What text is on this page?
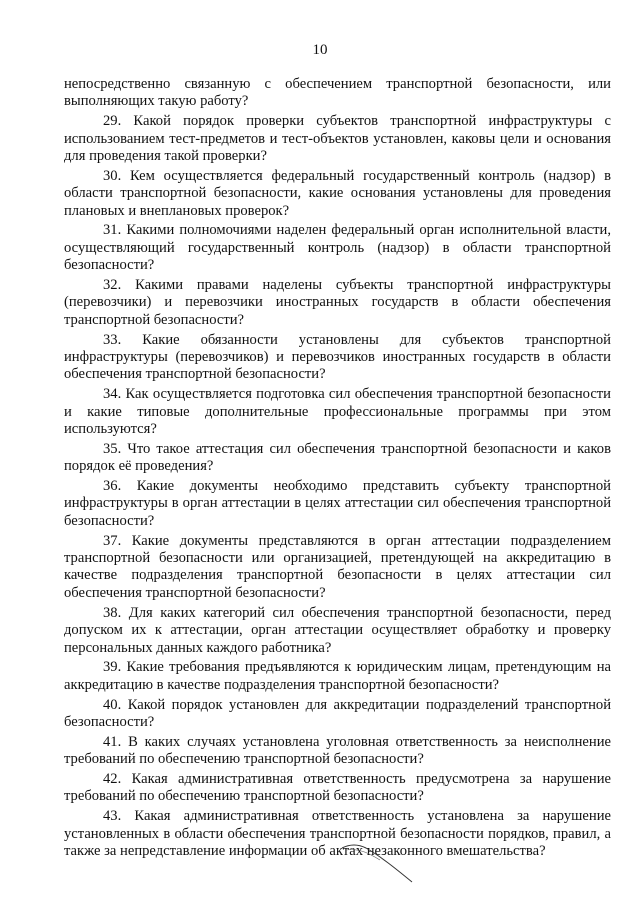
10

непосредственно связанную с обеспечением транспортной безопасности, или выполняющих такую работу?

29. Какой порядок проверки субъектов транспортной инфраструктуры с использованием тест-предметов и тест-объектов установлен, каковы цели и основания для проведения такой проверки?

30. Кем осуществляется федеральный государственный контроль (надзор) в области транспортной безопасности, какие основания установлены для проведения плановых и внеплановых проверок?

31. Какими полномочиями наделен федеральный орган исполнительной власти, осуществляющий государственный контроль (надзор) в области транспортной безопасности?

32. Какими правами наделены субъекты транспортной инфраструктуры (перевозчики) и перевозчики иностранных государств в области обеспечения транспортной безопасности?

33. Какие обязанности установлены для субъектов транспортной инфраструктуры (перевозчиков) и перевозчиков иностранных государств в области обеспечения транспортной безопасности?

34. Как осуществляется подготовка сил обеспечения транспортной безопасности и какие типовые дополнительные профессиональные программы при этом используются?

35. Что такое аттестация сил обеспечения транспортной безопасности и каков порядок её проведения?

36. Какие документы необходимо представить субъекту транспортной инфраструктуры в орган аттестации в целях аттестации сил обеспечения транспортной безопасности?

37. Какие документы представляются в орган аттестации подразделением транспортной безопасности или организацией, претендующей на аккредитацию в качестве подразделения транспортной безопасности в целях аттестации сил обеспечения транспортной безопасности?

38. Для каких категорий сил обеспечения транспортной безопасности, перед допуском их к аттестации, орган аттестации осуществляет обработку и проверку персональных данных каждого работника?

39. Какие требования предъявляются к юридическим лицам, претендующим на аккредитацию в качестве подразделения транспортной безопасности?

40. Какой порядок установлен для аккредитации подразделений транспортной безопасности?

41. В каких случаях установлена уголовная ответственность за неисполнение требований по обеспечению транспортной безопасности?

42. Какая административная ответственность предусмотрена за нарушение требований по обеспечению транспортной безопасности?

43. Какая административная ответственность установлена за нарушение установленных в области обеспечения транспортной безопасности порядков, правил, а также за непредставление информации об актах незаконного вмешательства?
